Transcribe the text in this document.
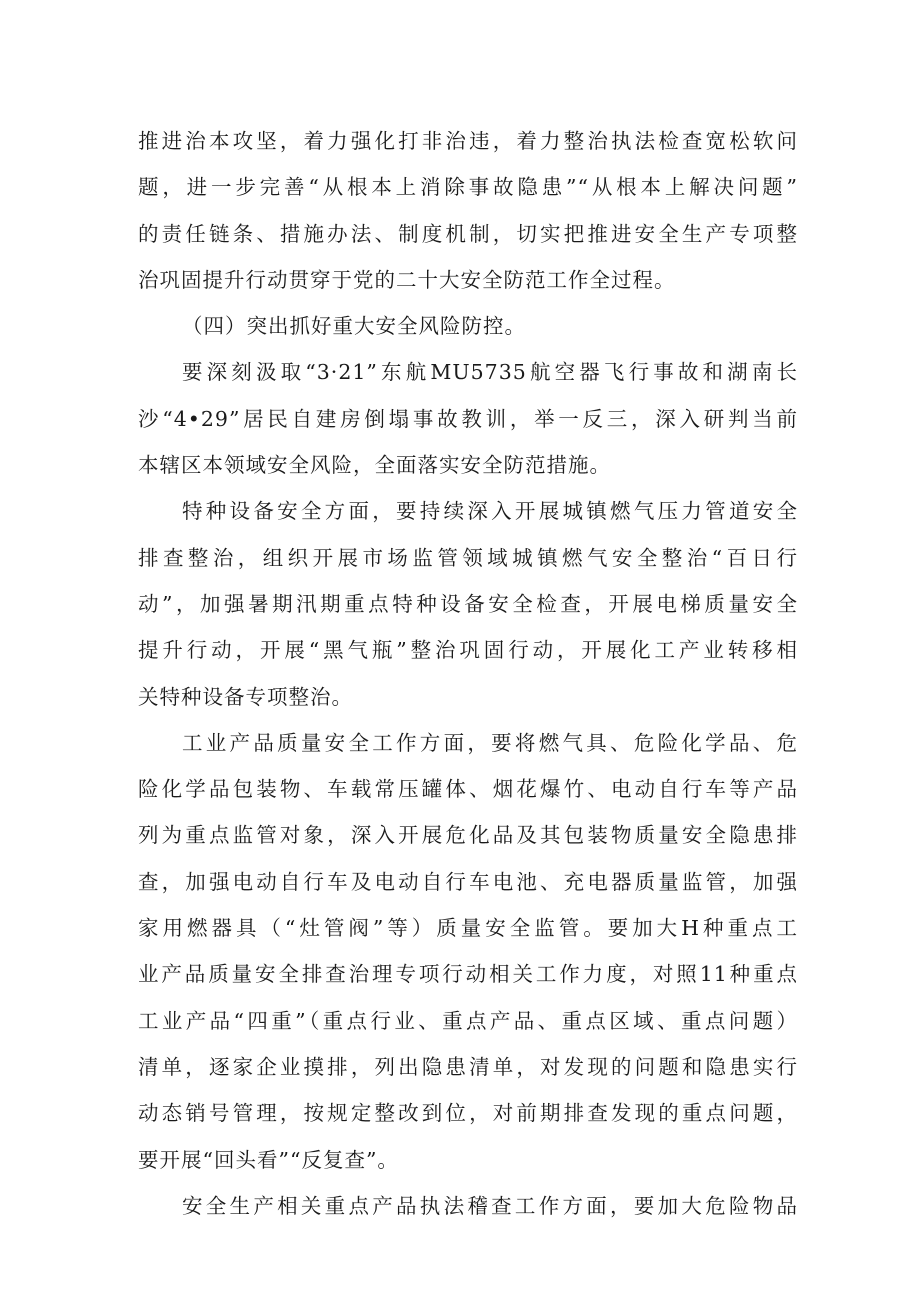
推进治本攻坚，着力强化打非治违，着力整治执法检查宽松软问
题，进一步完善“从根本上消除事故隐患”“从根本上解决问题”
的责任链条、措施办法、制度机制，切实把推进安全生产专项整
治巩固提升行动贯穿于党的二十大安全防范工作全过程。
（四）突出抓好重大安全风险防控。
要深刻汲取“3·21”东航MU5735航空器飞行事故和湖南长
沙“4•29”居民自建房倒塌事故教训，举一反三，深入研判当前
本辖区本领域安全风险，全面落实安全防范措施。
特种设备安全方面，要持续深入开展城镇燃气压力管道安全
排查整治，组织开展市场监管领域城镇燃气安全整治“百日行
动”，加强暑期汛期重点特种设备安全检查，开展电梯质量安全
提升行动，开展“黑气瓶”整治巩固行动，开展化工产业转移相
关特种设备专项整治。
工业产品质量安全工作方面，要将燃气具、危险化学品、危
险化学品包装物、车载常压罐体、烟花爆竹、电动自行车等产品
列为重点监管对象，深入开展危化品及其包装物质量安全隐患排
查，加强电动自行车及电动自行车电池、充电器质量监管，加强
家用燃器具（“灶管阀”等）质量安全监管。要加大H种重点工
业产品质量安全排查治理专项行动相关工作力度，对照11种重点
工业产品“四重”（重点行业、重点产品、重点区域、重点问题）
清单，逐家企业摸排，列出隐患清单，对发现的问题和隐患实行
动态销号管理，按规定整改到位，对前期排查发现的重点问题，
要开展“回头看”“反复查”。
安全生产相关重点产品执法稽查工作方面，要加大危险物品
